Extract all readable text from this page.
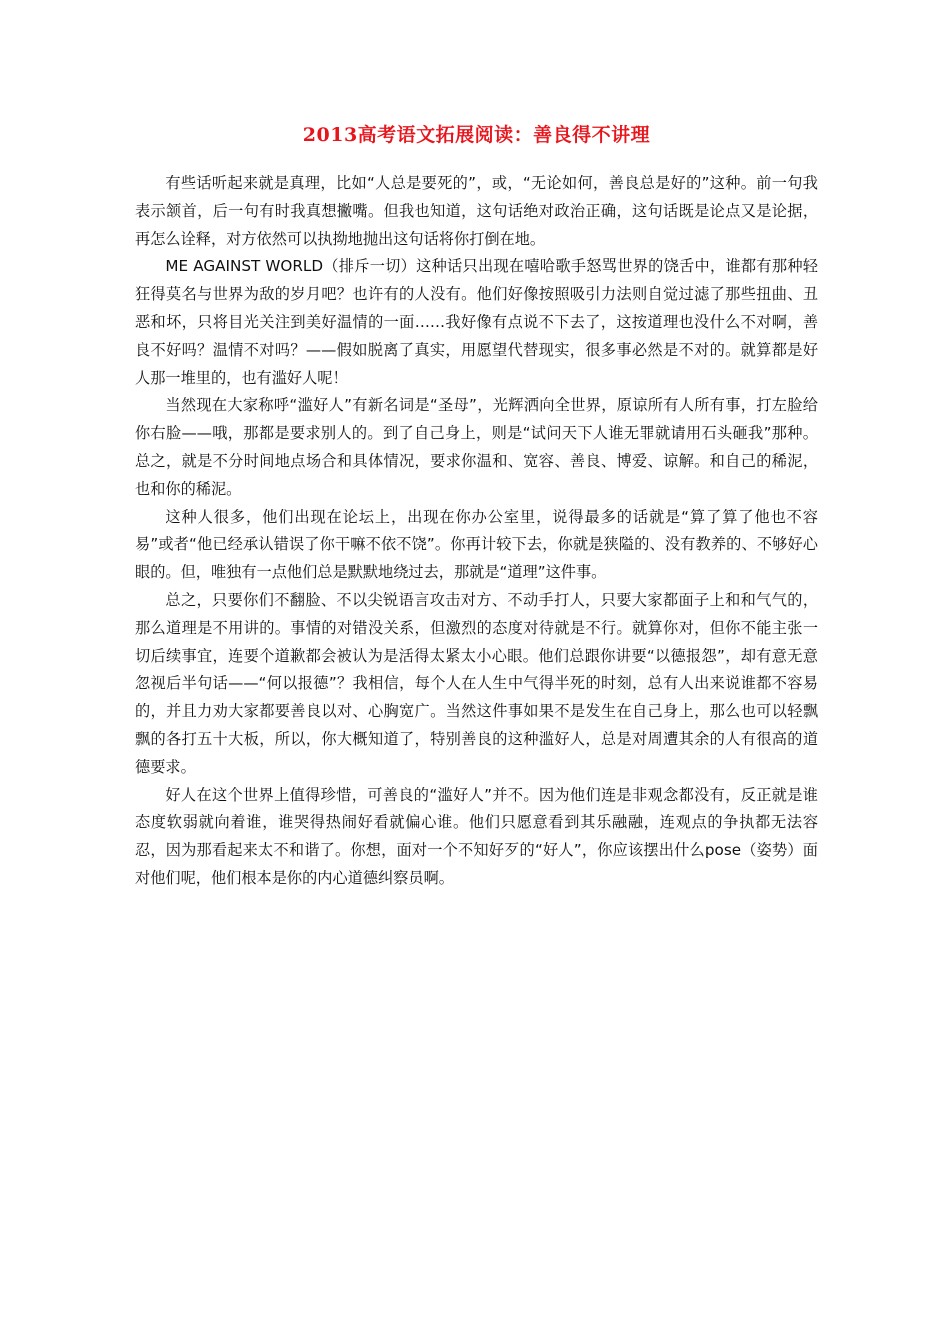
2013高考语文拓展阅读：善良得不讲理

有些话听起来就是真理，比如“人总是要死的”，或，“无论如何，善良总是好的”这种。前一句我表示颔首，后一句有时我真想撇嘴。但我也知道，这句话绝对政治正确，这句话既是论点又是论据，再怎么诠释，对方依然可以执拗地抛出这句话将你打倒在地。

ME AGAINST WORLD（排斥一切）这种话只出现在嘻哈歌手怒骂世界的饶舌中，谁都有那种轻狂得莫名与世界为敌的岁月吧？也许有的人没有。他们好像按照吸引力法则自觉过滤了那些扭曲、丑恶和坏，只将目光关注到美好温情的一面……我好像有点说不下去了，这按道理也没什么不对啊，善良不好吗？温情不对吗？——假如脱离了真实，用愿望代替现实，很多事必然是不对的。就算都是好人那一堆里的，也有滥好人呢！

当然现在大家称呼“滥好人”有新名词是“圣母”，光辉洒向全世界，原谅所有人所有事，打左脸给你右脸——哦，那都是要求别人的。到了自己身上，则是“试问天下人谁无罪就请用石头砸我”那种。总之，就是不分时间地点场合和具体情况，要求你温和、宽容、善良、博爱、谅解。和自己的稀泥，也和你的稀泥。

这种人很多，他们出现在论坛上，出现在你办公室里，说得最多的话就是“算了算了他也不容易”或者“他已经承认错误了你干嘛不依不饶”。你再计较下去，你就是狭隘的、没有教养的、不够好心眼的。但，唯独有一点他们总是默默地绕过去，那就是“道理”这件事。

总之，只要你们不翻脸、不以尖锐语言攻击对方、不动手打人，只要大家都面子上和和气气的，那么道理是不用讲的。事情的对错没关系，但激烈的态度对待就是不行。就算你对，但你不能主张一切后续事宜，连要个道歉都会被认为是活得太紧太小心眼。他们总跟你讲要“以德报怨”，却有意无意忽视后半句话——“何以报德”？我相信，每个人在人生中气得半死的时刻，总有人出来说谁都不容易的，并且力劝大家都要善良以对、心胸宽广。当然这件事如果不是发生在自己身上，那么也可以轻飘飘的各打五十大板，所以，你大概知道了，特别善良的这种滥好人，总是对周遭其余的人有很高的道德要求。

好人在这个世界上值得珍惜，可善良的“滥好人”并不。因为他们连是非观念都没有，反正就是谁态度软弱就向着谁，谁哭得热闹好看就偏心谁。他们只愿意看到其乐融融，连观点的争执都无法容忍，因为那看起来太不和谐了。你想，面对一个不知好歹的“好人”，你应该摆出什么pose（姿势）面对他们呢，他们根本是你的内心道德纠察员啊。
